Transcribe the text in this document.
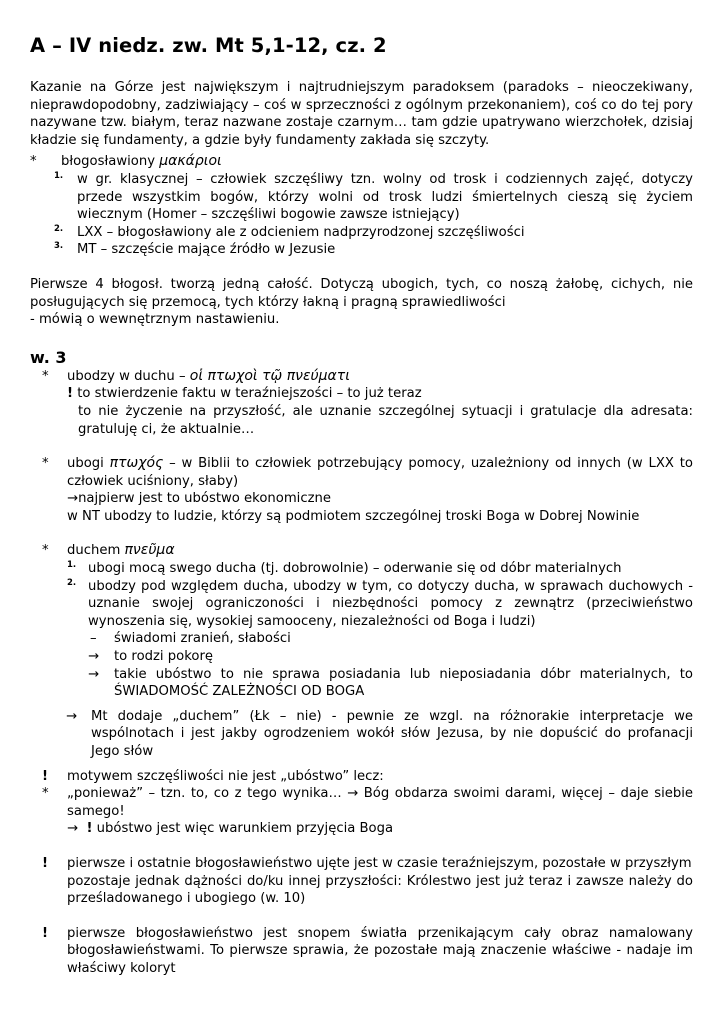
A – IV niedz. zw. Mt 5,1-12, cz. 2

Kazanie na Górze jest największym i najtrudniejszym paradoksem (paradoks – nieoczekiwany, nieprawdopodobny, zadziwiający – coś w sprzeczności z ogólnym przekonaniem), coś co do tej pory nazywane tzw. białym, teraz nazwane zostaje czarnym… tam gdzie upatrywano wierzchołek, dzisiaj kładzie się fundamenty, a gdzie były fundamenty zakłada się szczyty.

* błogosławiony μακάριοι
1. w gr. klasycznej – człowiek szczęśliwy tzn. wolny od trosk i codziennych zajęć, dotyczy przede wszystkim bogów, którzy wolni od trosk ludzi śmiertelnych cieszą się życiem wiecznym (Homer – szczęśliwi bogowie zawsze istniejący)
2. LXX – błogosławiony ale z odcieniem nadprzyrodzonej szczęśliwości
3. MT – szczęście mające źródło w Jezusie

Pierwsze 4 błogosł. tworzą jedną całość. Dotyczą ubogich, tych, co noszą żałobę, cichych, nie posługujących się przemocą, tych którzy łakną i pragną sprawiedliwości

- mówią o wewnętrznym nastawieniu.

w. 3
* ubodzy w duchu – οἱ πτωχοὶ τῷ πνεύματι
! to stwierdzenie faktu w teraźniejszości – to już teraz

to nie życzenie na przyszłość, ale uznanie szczególnej sytuacji i gratulacje dla adresata: gratuluję ci, że aktualnie…

* ubogi πτωχός – w Biblii to człowiek potrzebujący pomocy, uzależniony od innych (w LXX to człowiek uciśniony, słaby)
→najpierw jest to ubóstwo ekonomiczne

w NT ubodzy to ludzie, którzy są podmiotem szczególnej troski Boga w Dobrej Nowinie

* duchem πνεῦμα
1. ubogi mocą swego ducha (tj. dobrowolnie) – oderwanie się od dóbr materialnych
2. ubodzy pod względem ducha, ubodzy w tym, co dotyczy ducha, w sprawach duchowych - uznanie swojej ograniczoności i niezbędności pomocy z zewnątrz (przeciwieństwo wynoszenia się, wysokiej samooceny, niezależności od Boga i ludzi)
– świadomi zranień, słabości
→ to rodzi pokorę
→ takie ubóstwo to nie sprawa posiadania lub nieposiadania dóbr materialnych, to ŚWIADOMOŚĆ ZALEŻNOŚCI OD BOGA
→ Mt dodaje „duchem” (Łk – nie) - pewnie ze wzgl. na różnorakie interpretacje we wspólnotach i jest jakby ogrodzeniem wokół słów Jezusa, by nie dopuścić do profanacji Jego słów
! motywem szczęśliwości nie jest „ubóstwo” lecz:
* „ponieważ” – tzn. to, co z tego wynika… → Bóg obdarza swoimi darami, więcej – daje siebie samego!
→ ! ubóstwo jest więc warunkiem przyjęcia Boga
! pierwsze i ostatnie błogosławieństwo ujęte jest w czasie teraźniejszym, pozostałe w przyszłym

pozostaje jednak dążności do/ku innej przyszłości: Królestwo jest już teraz i zawsze należy do prześladowanego i ubogiego (w. 10)

! pierwsze błogosławieństwo jest snopem światła przenikającym cały obraz namalowany błogosławieństwami. To pierwsze sprawia, że pozostałe mają znaczenie właściwe - nadaje im właściwy koloryt
